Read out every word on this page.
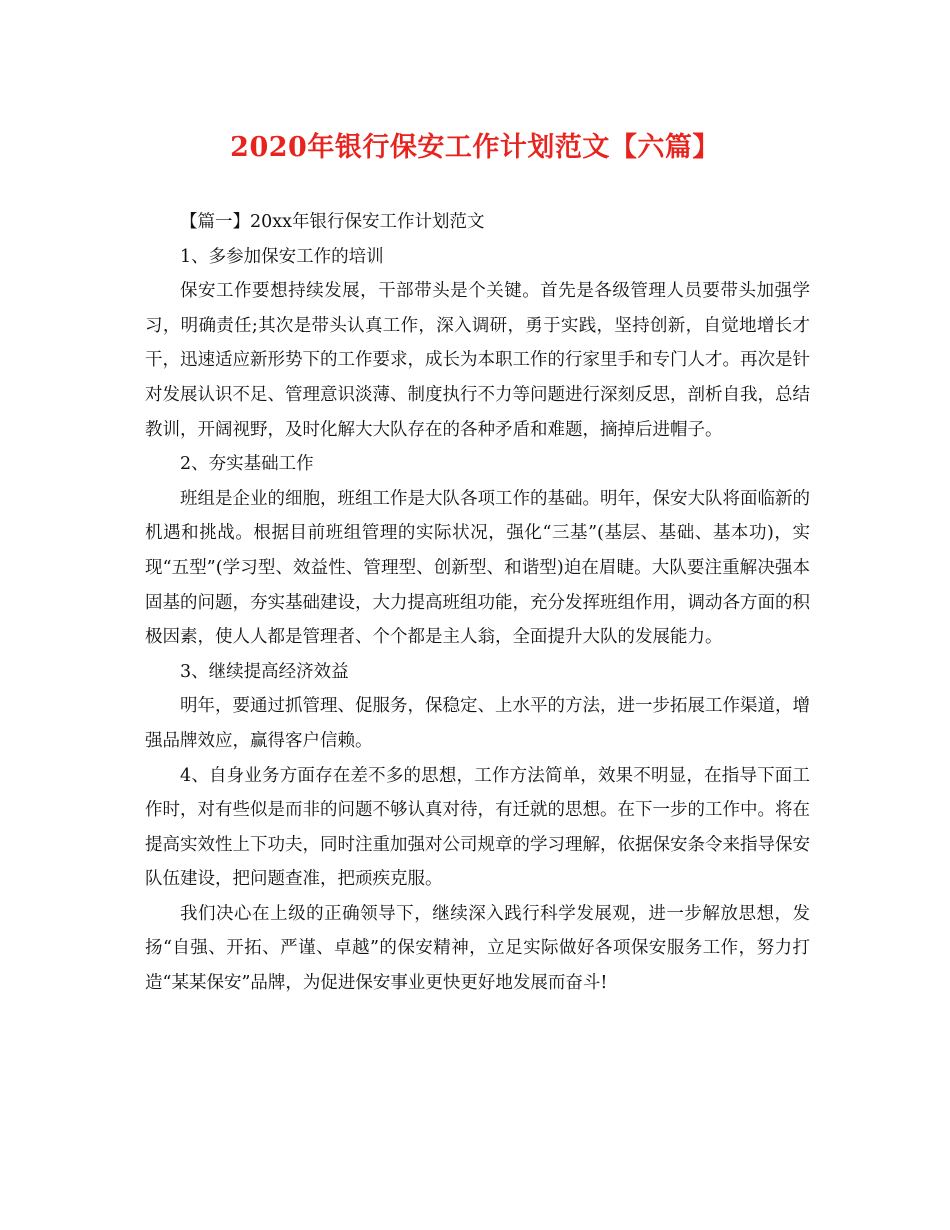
2020年银行保安工作计划范文【六篇】

【篇一】20xx年银行保安工作计划范文

1、多参加保安工作的培训

保安工作要想持续发展，干部带头是个关键。首先是各级管理人员要带头加强学习，明确责任;其次是带头认真工作，深入调研，勇于实践，坚持创新，自觉地增长才干，迅速适应新形势下的工作要求，成长为本职工作的行家里手和专门人才。再次是针对发展认识不足、管理意识淡薄、制度执行不力等问题进行深刻反思，剖析自我，总结教训，开阔视野，及时化解大大队存在的各种矛盾和难题，摘掉后进帽子。

2、夯实基础工作

班组是企业的细胞，班组工作是大队各项工作的基础。明年，保安大队将面临新的机遇和挑战。根据目前班组管理的实际状况，强化“三基”(基层、基础、基本功)，实现“五型”(学习型、效益性、管理型、创新型、和谐型)迫在眉睫。大队要注重解决强本固基的问题，夯实基础建设，大力提高班组功能，充分发挥班组作用，调动各方面的积极因素，使人人都是管理者、个个都是主人翁，全面提升大队的发展能力。

3、继续提高经济效益

明年，要通过抓管理、促服务，保稳定、上水平的方法，进一步拓展工作渠道，增强品牌效应，赢得客户信赖。

4、自身业务方面存在差不多的思想，工作方法简单，效果不明显，在指导下面工作时，对有些似是而非的问题不够认真对待，有迁就的思想。在下一步的工作中。将在提高实效性上下功夫，同时注重加强对公司规章的学习理解，依据保安条令来指导保安队伍建设，把问题查准，把顽疾克服。

我们决心在上级的正确领导下，继续深入践行科学发展观，进一步解放思想，发扬“自强、开拓、严谨、卓越”的保安精神，立足实际做好各项保安服务工作，努力打造“某某保安”品牌，为促进保安事业更快更好地发展而奋斗!
